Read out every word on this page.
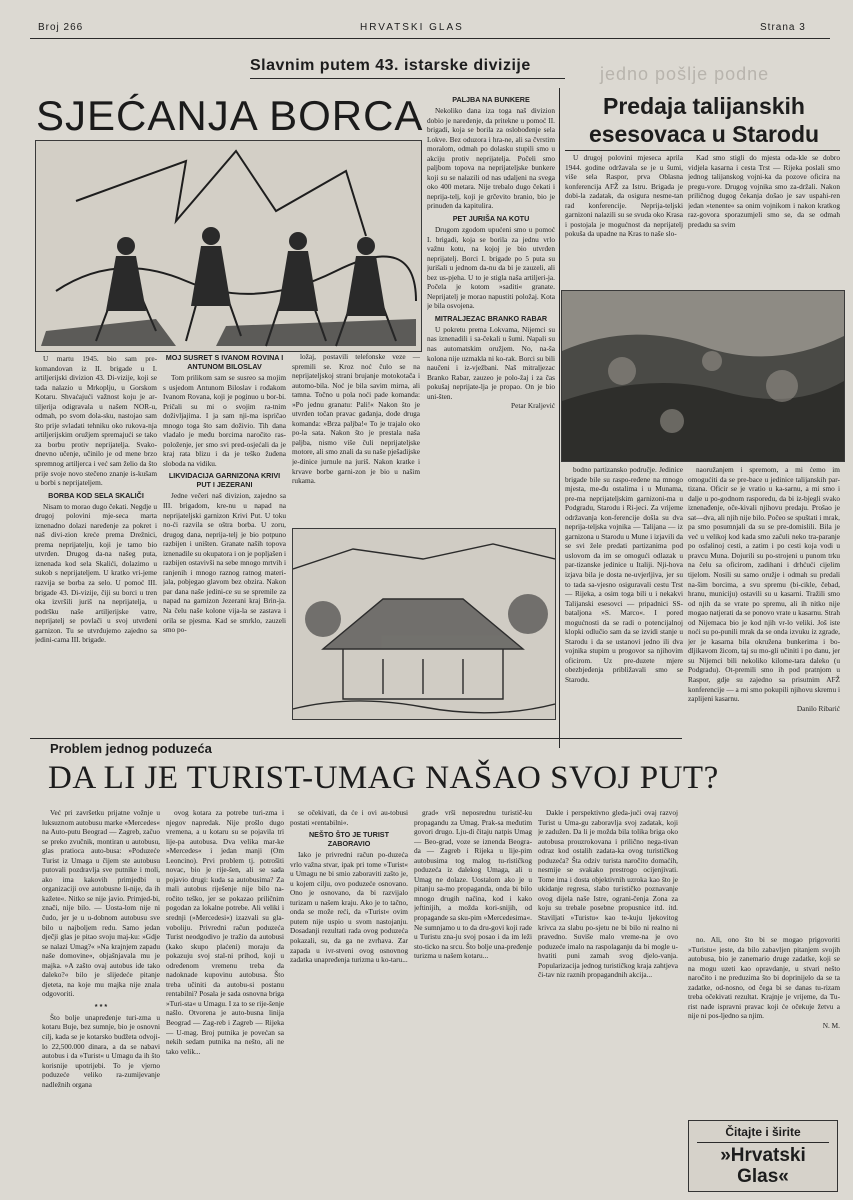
Broj 266	HRVATSKI GLAS	Strana 3
jedno pošlje podne
Slavnim putem 43. istarske divizije
SJEĆANJA BORCA

U martu 1945. bio sam pre-komandovan iz II. brigade u I. artiljerijski divizion 43. Di-vizije, koji se tada nalazio u Mrkoplju, u Gorskom Kotaru. Shvaćajući važnost koju je ar-tiljerija odigravala u našem NOR-u, odmah, po svom dola-sku, nastojao sam što prije svladati tehniku oko rukova-nja artiljerijskim oružjem spremajući se tako za borbu protiv neprijatelja. Svako-dnevno učenje, učinilo je od mene brzo spremnog artiljerca i već sam želio da što prije svoje novo stečeno znanje is-kušam u borbi s neprijateljem.

BORBA KOD SELA SKALIČI

Nisam to morao dugo čekati. Negdje u drugoj polovini mje-seca marta iznenadno dolazi naređenje za pokret i naš divi-zion kreće prema Drežnici, prema neprijatelju, koji je tamo bio utvrđen. Drugog da-na našeg puta, iznenada kod sela Skalići, dolazimo u sukob s neprijateljem. U kratko vri-jeme razvija se borba za selo. U pomoć III. brigade 43. Di-vizije, čiji su borci u tren oka izvršili juriš na neprijatelja, u podršku naše artiljerijske vatre, neprijatelj se povlači u svoj utvrđeni garnizon. Tu se utvrđujemo zajedno sa jedini-cama III. brigade.

MOJ SUSRET S IVANOM ROVINA I ANTUNOM BILOSLAV

Tom prilikom sam se susreo sa mojim s usjedom Antunom Biloslav i rođakom Ivanom Rovana, koji je poginuo u bor-bi. Pričali su mi o svojim ra-tnim doživljajima. I ja sam nji-ma ispričao mnogo toga što sam doživio. Tih dana vladalo je među borcima naročito ras-položenje, jer smo svi pred-osjećali da je kraj rata blizu i da je teško žuđena sloboda na vidiku.

LIKVIDACIJA GARNIZONA KRIVI PUT I JEZERANI

Jedne večeri naš divizion, zajedno sa III. brigadom, kre-nu u napad na neprijateljski garnizon Krivi Put. U toku no-ći razvila se oštra borba. U zoru, drugog dana, neprija-telj je bio potpuno razbijen i uništen. Granate naših topova iznenadile su okupatora i on je popljašen i razbijen ostavivši na sebe mnogo mrtvih i ranjenih i mnogo raznog ratnog materi-jala, pobjegao glavom bez obzira. Nakon par dana naše jedini-ce su se spremile za napad na garnizon Jezerani kraj Brin-ja. Na čelu naše kolone vija-la se zastava i orila se pjesma. Kad se smrklo, zauzeli smo po-

ložaj, postavili telefonske veze — spremili se. Kroz noć čulo se na neprijateljskoj strani brujanje motokotača i automo-bila. Noć je bila savim mirna, ali tamna. Točno u pola noći pade komanda: »Po jednu granatu: Pali!« Nakon što je utvrđen točan pravac gađanja, dođe druga komanda: »Brza paljba!« To je trajalo oko po-la sata. Nakon što je prestala naša paljba, nismo više čuli neprijateljske motore, ali smo znali da su naše pješadijske je-dinice jurnule na juriš. Nakon kratke i krvave borbe garni-zon je bio u našim rukama.

PALJBA NA BUNKERE

Nekoliko dana iza toga naš divizion dobio je naređenje, da pritekne u pomoć II. brigadi, koja se borila za oslobođenje sela Lokve. Bez oduzora i hra-ne, ali sa čvrstim moralom, odmah po dolasku stupili smo u akciju protiv neprijatelja. Počeli smo paljbom topova na neprijateljske bunkere koji su se nalazili od nas udaljeni na svega oko 400 metara. Nije trebalo dugo čekati i neprija-telj, koji je grčevito branio, bio je prinuđen da kapitulira.

PET JURIŠA NA KOTU

Drugom zgodom upućeni smo u pomoć I. brigadi, koja se borila za jednu vrlo važnu kotu, na kojoj je bio utvrđen neprijatelj. Borci I. brigade po 5 puta su jurišali u jednom da-nu da bi je zauzeli, ali bez us-pjeha. U to je stigla naša artiljeri-ja. Počela je kotom »saditi« granate. Neprijatelj je morao napustiti položaj. Kota je bila osvojena.

MITRALJEZAC BRANKO RABAR

U pokretu prema Lokvama, Nijemci su nas iznenadili i sa-čekali u šumi. Napali su nas automatskim oružjem. No, na-ša kolona nije uzmakla ni ko-rak. Borci su bili naučeni i iz-vježbani. Naš mitraljezac Branko Rabar, zauzeo je polo-žaj i za čas pokušaj neprijate-lja je propao. On je bio uni-šten.

Petar Kraljević

Predaja talijanskih esesovaca u Starodu

U drugoj polovini mjeseca aprila 1944. godine održavala se je u šumi, više sela Raspor, prva Oblasna konferencija AFŽ za Istru. Brigada je dobi-la zadatak, da osigura nesme-tan rad konferencije. Neprija-teljski garnizoni nalazili su se svuda oko Krasa i postojala je mogućnost da neprijatelj pokuša da upadne na Kras to naše slo-

Kad smo stigli do mjesta oda-kle se dobro vidjela kasarna i cesta Trst — Rijeka poslali smo jednog talijanskog vojni-ka da pozove oficira na pregu-vore. Drugog vojnika smo za-držali. Nakon priličnog dugog čekanja došao je sav uspahi-ren jedan »tenente« sa onim vojnikom i nakon kratkog raz-govora sporazumjeli smo se, da se odmah predadu sa svim

bodno partizansko područje. Jedinice brigade bile su raspo-ređene na mnogo mjesta, me-đu ostalima i u Munama, pre-ma neprijateljskim garnizoni-ma u Podgradu, Starodu i Ri-jeci. Za vrijeme održavanja kon-ferencije došla su dva neprija-teljska vojnika — Talijana — iz garnizona u Starodu u Mune i izjavili da se svi žele predati partizanima pod uslovom da im se omogući odlazak u par-tizanske jedinice u Italiji. Nji-hova izjava bila je dosta ne-uvjerljiva, jer su to tada sa-vjesno osiguravali cestu Trst — Rijeka, a osim toga bili u i nekakvi Talijanski esesovci — pripadnici SS-bataljona »S. Marco«. I pored mogućnosti da se radi o potencijalnoj klopki odlučio sam da se izvidi stanje u Starodu i da se ustanovi jedno ili dva vojnika stupim u progovor sa njihovim oficirom. Uz pre-duzete mjere obezbjeđenja približavali smo se Starodu.

naoružanjem i spremom, a mi ćemo im omogućiti da se pre-bace u jedinice talijanskih par-tizana. Oficir se je vratio u ka-sarnu, a mi smo i dalje u po-godnom rasporedu, da bi iz-bjegli svako iznenađenje, oče-kivali njihovu predaju. Prošao je sat—dva, ali njih nije bilo. Počeo se spuštati i mrak, pa smo posumnjali da su se pre-domislili. Bila je već u velikoj kod kada smo začuli neko tra-paranje po osfalinoj cesti, a zatim i po cesti koja vodi u pravcu Muna. Dojurili su po-strojeni u punom trku na čelu sa oficirom, zadihani i drhćući cijelim tijelom. Nosili su samo oružje i odmah su predali na-šim borcima, a svu spremu (bi-cikle, čebad, hranu, municiju) ostavili su u kasarni. Tražili smo od njih da se vrate po spremu, ali ih nitko nije mogao natjerati da se ponovo vrate u kasarnu. Strah od Nijemaca bio je kod njih vr-lo veliki. Još iste noći su po-punili mrak da se onda izvuku iz zgrade, jer je kasarna bila okružena bunkerima i bo-dljikavom žicom, taj su mo-gli učiniti i po danu, jer su Nijemci bili nekoliko kilome-tara daleko (u Podgradu). Ot-premili smo ih pod pratnjom u Raspor, gdje su zajedno sa prisutnim AFŽ konferencije — a mi smo pokupili njihovu skremu i zaplijeni kasarnu.

Danilo Ribarić

Problem jednog poduzeća
DA LI JE TURIST-UMAG NAŠAO SVOJ PUT?

Već pri završetku prijatne vožnje u luksuznom autobusu marke »Mercedes« na Auto-putu Beograd — Zagreb, začuo se preko zvučnik, montiran u autobusu, glas pratioca auto-busa: »Poduzeće Turist iz Umaga u čijem ste autobusu putovali pozdravlja sve putnike i moli, ako ima kakovih primjedbi u organizaciji ove autobusne li-nije, da ih kažete«. Nitko se nije javio. Primjed-bi, znači, nije bilo. — Uosta-lom nije ni čudo, jer je u u-dobnom autobusu sve bilo u najboljem redu. Samo jedan dječji glas je pitao svoju maj-ku: »Gdje se nalazi Umag?« »Na krajnjem zapadu naše domovine«, objašnjavala mu je majka. »A zašto ovaj autobus ide tako daleko?« bilo je slijedeće pitanje djeteta, na koje mu majka nije znala odgovoriti.

* * *

Što bolje unapređenje turi-zma u kotaru Buje, bez sumnje, bio je osnovni cilj, kada se je kotarsko budžeta odvoji-lo 22,500.000 dinara, a da se nabavi autobus i da »Turist« u Umagu da ih što korisnije upotrijebi. To je vjerno poduzeće veliko ra-zumijevanje nadležnih organa

ovog kotara za potrebe turi-zma i njegov napredak. Nije prošlo dugo vremena, a u kotaru su se pojavila tri lije-pa autobusa. Dva velika mar-ke »Mercedes« i jedan manji (Om Leoncino). Prvi problem tj. potrošiti novac, bio je rije-šen, ali se sada pojavio drugi: kuda sa autobusima? Za mali autobus riješenje nije bilo na-ročito teško, jer se pokazao priličnim pogodan za lokalne potrebe. Ali veliki i srednji (»Mercedesi«) izazvali su gla-voboliju. Privredni račun poduzeća Turist neodgodivo je tražio da autobusi (kako skupo plaćeni) moraju da pokazuju svoj stal-ni prihod, koji u određenom vremenu treba da nadoknade kupovinu autobusa. Što treba učiniti da autobu-si postanu rentabilni? Posala je sada osnovna briga »Turi-sta« u Umagu. I za to se rije-šenje našlo. Otvorena je auto-busna linija Beograd — Zag-reb i Zagreb — Rijeka — U-mag. Broj putnika je povećan sa nekih sedam putnika na nešto, ali ne tako velik...

se očekivati, da će i ovi au-tobusi postati »rentabilni«.

NEŠTO ŠTO JE TURIST ZABORAVIO

Iako je privredni račun po-duzeća vrlo važna stvar, ipak pri tome »Turist« u Umagu ne bi smio zaboraviti zašto je, u kojem cilju, ovo poduzeće osnovano. Ono je osnovano, da bi razvijalo turizam u našem kraju. Ako je to tačno, onda se može reći, da »Turist« ovim putem nije uspio u svom nastojanju. Dosadanji rezultati rada ovog poduzeća pokazali, su, da ga ne zvrhava. Zar zapada u ivr-stveni ovog osnovnog zadatka unapređenja turizma u ko-taru...

grad« vrši neposrednu turistič-ku propagandu za Umag. Prak-sa međutim govori drugo. Lju-di čitaju natpis Umag — Beo-grad, voze se iznenda Beogra-da — Zagreb i Rijeka u lije-pim autobusima tog malog tu-rističkog poduzeća iz dalekog Umaga, ali u Umag ne dolaze. Uostalom ako je u pitanju sa-mo propaganda, onda bi bilo mnogo drugih načina, kod i kako jeftinijih, a možda kori-snijih, od propagande sa sku-pim »Mercedesima«. Ne sumnjamo u to da dru-govi koji rade u Turistu zna-ju svoj posao i da im leži sto-ticko na srcu. Što bolje una-pređenje turizma u našem kotaru...

Dakle i perspektivno gleda-jući ovaj razvoj Turist u Uma-gu zaboravlja svoj zadatak, koji je zadužen. Da li je možda bila tolika briga oko autobusa prouzrokovana i prilično nega-tivan odraz kod ostalih zadata-ka ovog turističkog poduzeća? Šta odziv turista naročito domaćih, nesmije se svakako prestrogo ocijenjivati. Tome ima i dosta objektivnih uzroka kao što je ukidanje regresa, slabo turističko poznavanje ovog dijela naše Istre, ograni-čenja Zona za koju su trebale posebne propusnice itd. itd. Staviljati »Turistu« kao te-kuju ljekovitog krivca za slabu po-sjetu ne bi bilo ni realno ni pravedno. Suviše malo vreme-na je ovo poduzeće imalo na raspolaganju da bi mogle u-hvatiti puni zamah svog djelo-vanja. Popularizacija jednog turističkog kraja zahtjeva či-tav niz raznih propagandnih akcija...

no. Ali, ono što bi se mogao prigovoriti »Turistu« jeste, da bilo zabavljen pitanjem svojih autobusa, bio je zanemario druge zadatke, koji se na mogu uzeti kao opravdanje, u stvari nešto naročito i ne preduzima što bi doprinijelo da se ta zadatke, od-nosno, od čega bi se danas tu-rizam treba očekivati rezultat. Krajnje je vrijeme, da Tu-rist nađe ispravni pravac koji će očekuje žetvu a nije ni pos-ljedno sa njim.

N. M.

Čitajte i širite
»Hrvatski Glas«
